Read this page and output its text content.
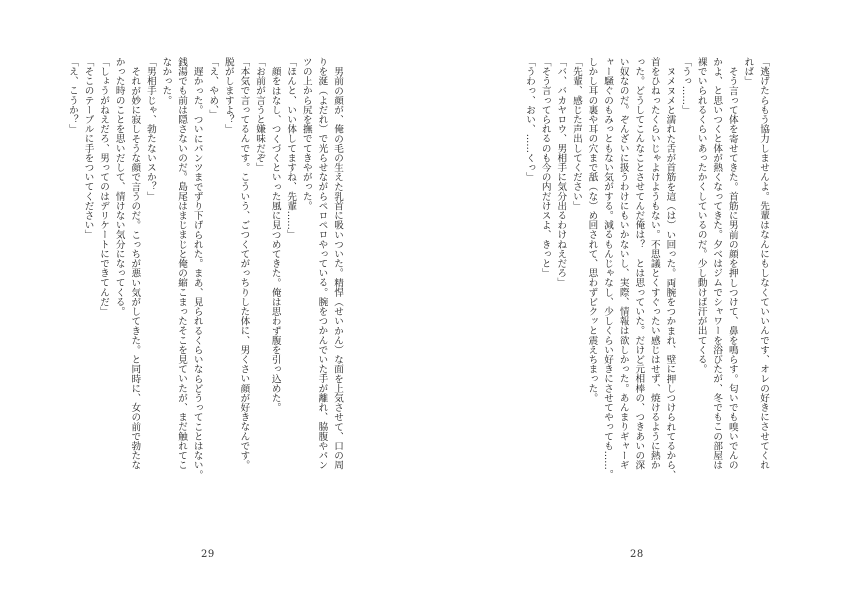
男前の顔が、俺の毛の生えた乳首に吸いついた。精悍（せいかん）な面を上気させて、口の周
りを涎（よだれ）で光らせながらペロペロやっている。腕をつかんでいた手が離れ、脇腹やパン
ツの上から尻を撫でてきやがった。
「ほんと、いい体してますね、先輩……」
顔をはなし、つくづくといった風に見つめてきた。俺は思わず腹を引っ込めた。
「お前が言うと嫌味だぞ」
「本気で言ってるんです。こういう、ごつくてがっちりした体に、男くさい顔が好きなんです。
脱がしますよ？」
「え、やめ、」
遅かった。ついにパンツまでずり下げられた。まあ、見られるくらいならどうってことはない。
銭湯でも前は隠さないのだ。島尾はまじまじと俺の縮こまったそこを見ていたが、まだ触れてこ
なかった。
「男相手じゃ、勃たないスか？」
それが妙に寂しそうな顔で言うのだ。こっちが悪い気がしてきた。と同時に、女の前で勃たな
かった時のことを思いだして、情けない気分になってくる。
「しょうがねえだろ、男ってのはデリケートにできてんだ」
「そこのテーブルに手をついてください」
「え、こうか？」
29
「逃げたらもう協力しませんよ。先輩はなんにもしなくていいんです、オレの好きにさせてくれ
れば」
そう言って体を寄せてきた。首筋に男前の顔を押しつけて、鼻を鳴らす。匂いでも嗅いでんの
かよ、と思いつくと体が熱くなってきた。夕べはジムでシャワーを浴びたが、冬でもこの部屋は
裸でいられるくらいあったかくしているのだ。少し動けば汗が出てくる。
「うっ……」
ヌメヌメと濡れた舌が首筋を這（は）い回った。両腕をつかまれ、壁に押しつけられてるから、
首をひねったくらいじゃよけようもない。不思議とくすぐったい感じはせず、焼けるように熱か
った。どうしてこんなことさせてんだ俺は？　とは思っていた。だけど元相棒の、つきあいの深
い奴なのだ。ぞんざいに扱うわけにもいかないし、実際、情報は欲しかった。あんまりギャーギ
ャー騒ぐのもみっともない気がする。減るもんじゃなし、少しくらい好きにさせてやっても……。
しかし耳の裏や耳の穴まで舐（な）め回されて、思わずビクッと震えちまった。
「先輩、感じた声出してください」
「バ、バカヤロウ、男相手に気分出るわけねえだろ」
「そう言ってられるのも今の内だけスよ、きっと」
「うわっ、おい、……くっ」
28
